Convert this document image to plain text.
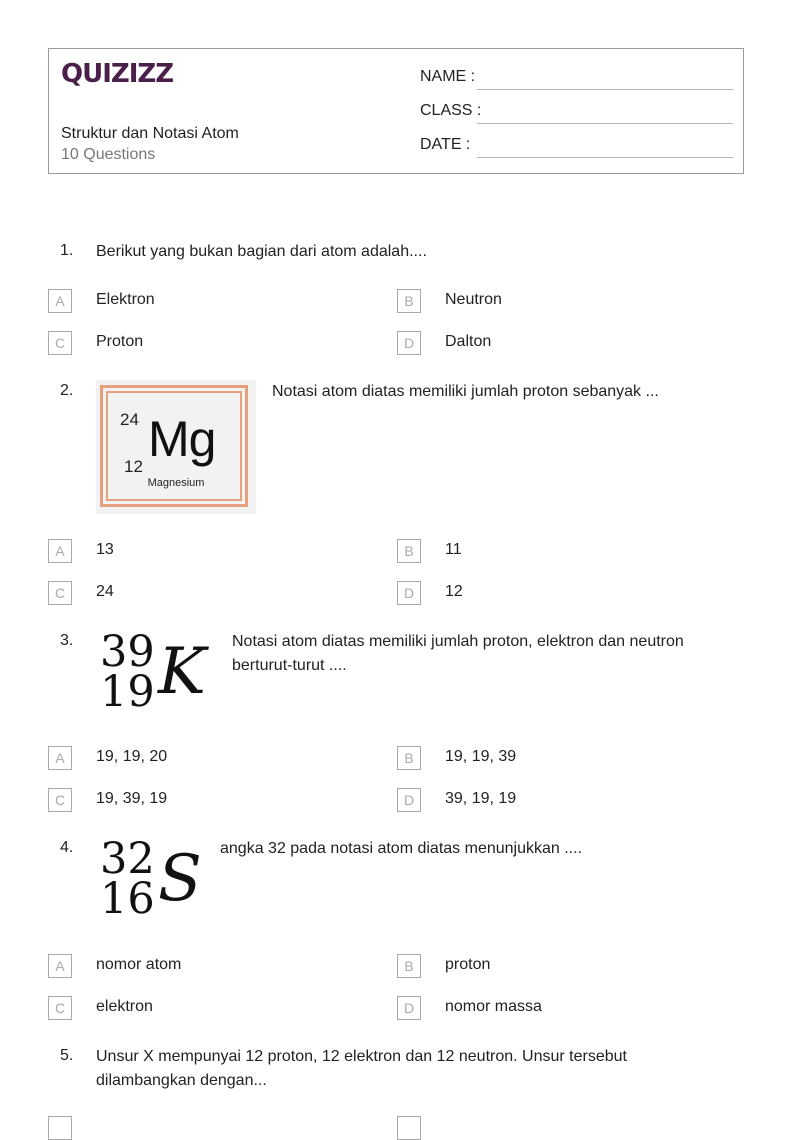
QUIZIZZ
Struktur dan Notasi Atom
10 Questions
NAME :
CLASS :
DATE :
1. Berikut yang bukan bagian dari atom adalah....
A	Elektron	B	Neutron
C	Proton	D	Dalton
2.
24
12 Mg
Magnesium
Notasi atom diatas memiliki jumlah proton sebanyak ...
A	13	B	11
C	24	D	12
3. 39
19 K Notasi atom diatas memiliki jumlah proton, elektron dan neutron
berturut-turut ....
A	19, 19, 20	B	19, 19, 39
C	19, 39, 19	D	39, 19, 19
4. 32
16 S angka 32 pada notasi atom diatas menunjukkan ....
A	nomor atom	B	proton
C	elektron	D	nomor massa
5. Unsur X mempunyai 12 proton, 12 elektron dan 12 neutron. Unsur tersebut
dilambangkan dengan...
